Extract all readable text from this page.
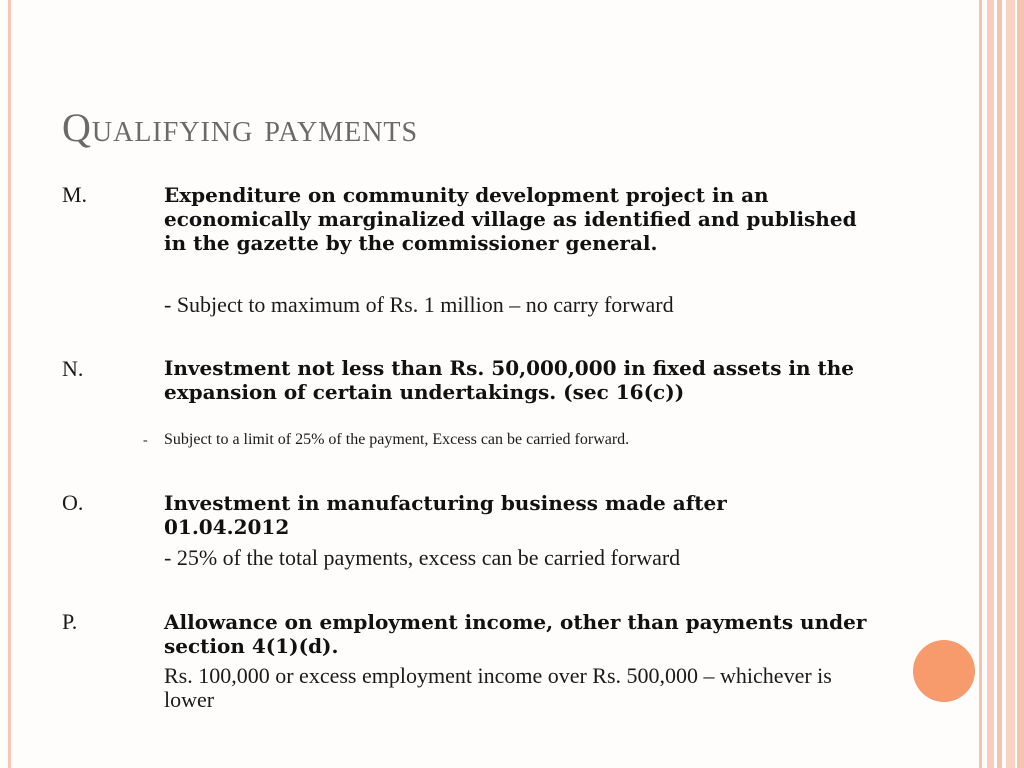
Qualifying payments
M.	Expenditure on community development project in an economically marginalized village as identified and published in the gazette by the commissioner general.
- Subject to maximum of Rs. 1 million – no carry forward
N.	Investment not less than Rs. 50,000,000 in fixed assets in the expansion of certain undertakings. (sec 16(c))
- Subject to a limit of 25% of the payment, Excess can be carried forward.
O.	Investment in manufacturing business made after 01.04.2012
- 25% of the total payments, excess can be carried forward
P.	Allowance on employment income, other than payments under section 4(1)(d).
Rs. 100,000 or excess employment income over Rs. 500,000 – whichever is lower
